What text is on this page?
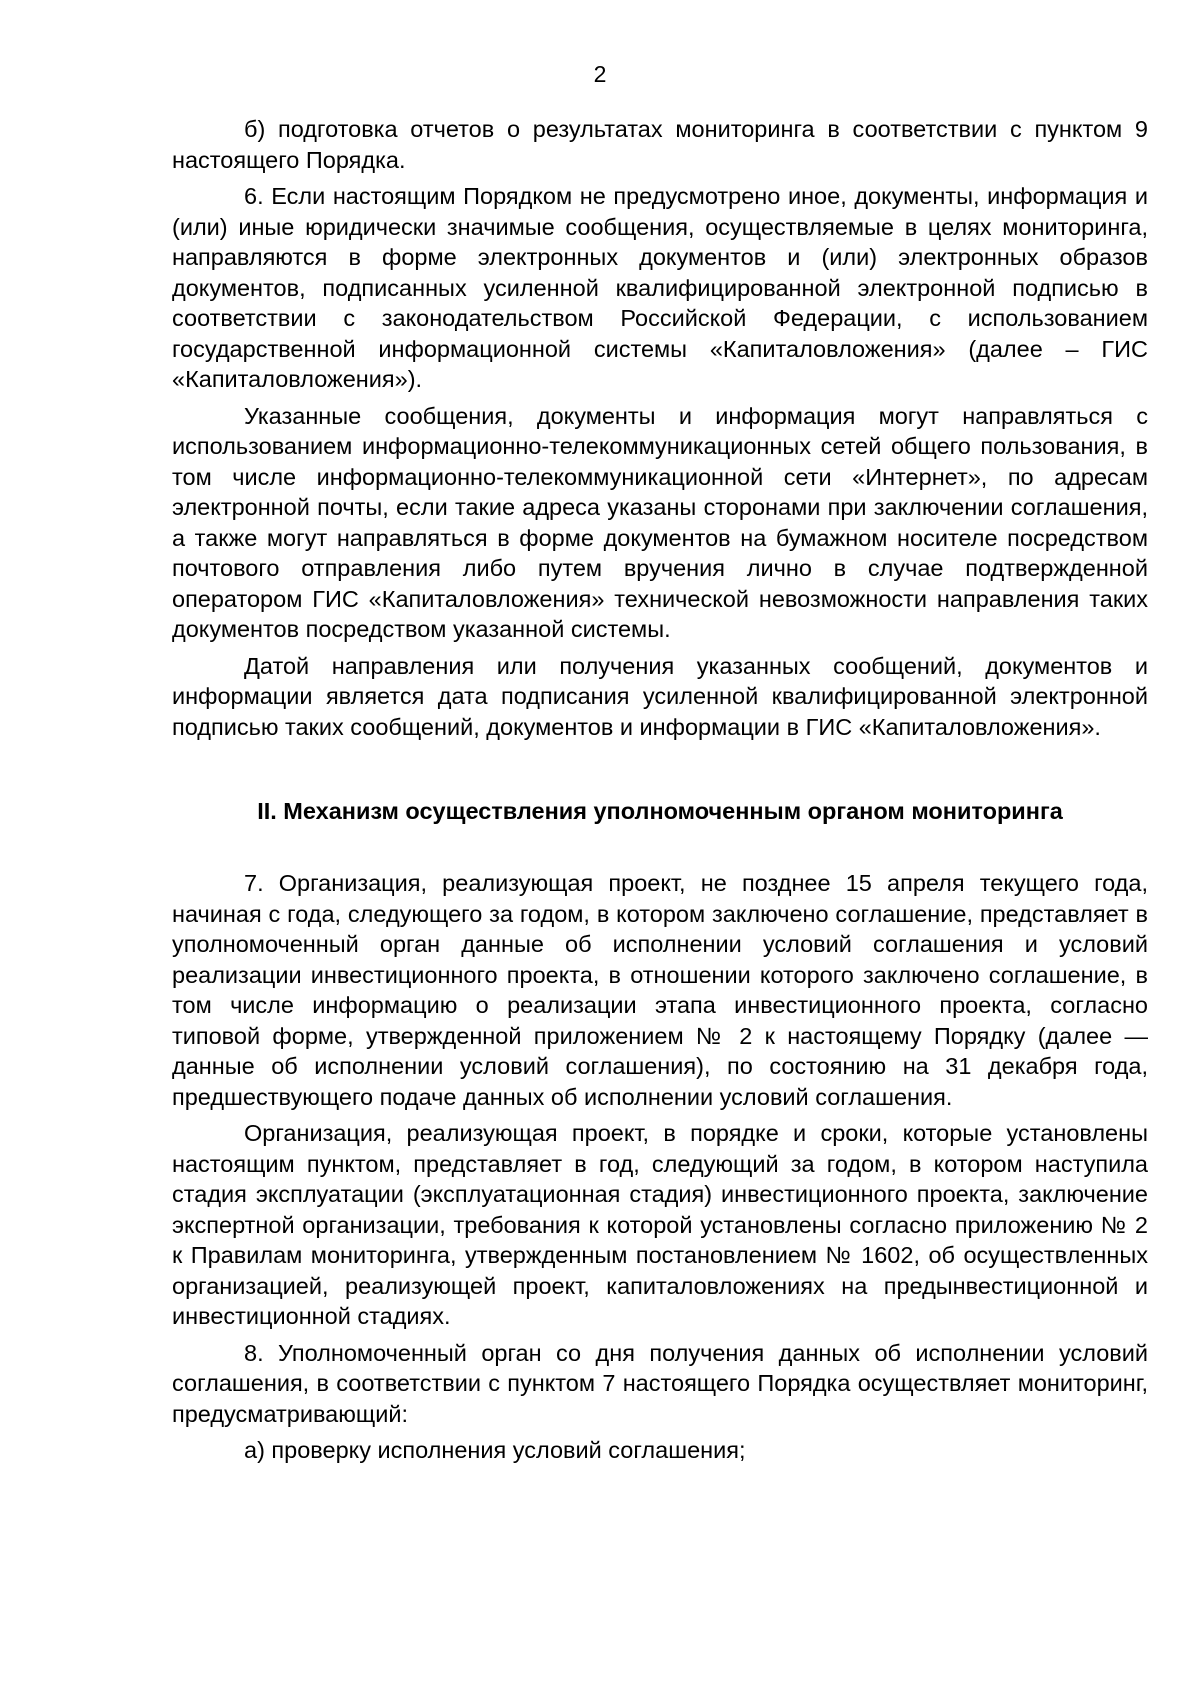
2

б) подготовка отчетов о результатах мониторинга в соответствии с пунктом 9 настоящего Порядка.

6. Если настоящим Порядком не предусмотрено иное, документы, информация и (или) иные юридически значимые сообщения, осуществляемые в целях мониторинга, направляются в форме электронных документов и (или) электронных образов документов, подписанных усиленной квалифицированной электронной подписью в соответствии с законодательством Российской Федерации, с использованием государственной информационной системы «Капиталовложения» (далее – ГИС «Капиталовложения»).

Указанные сообщения, документы и информация могут направляться с использованием информационно-телекоммуникационных сетей общего пользования, в том числе информационно-телекоммуникационной сети «Интернет», по адресам электронной почты, если такие адреса указаны сторонами при заключении соглашения, а также могут направляться в форме документов на бумажном носителе посредством почтового отправления либо путем вручения лично в случае подтвержденной оператором ГИС «Капиталовложения» технической невозможности направления таких документов посредством указанной системы.

Датой направления или получения указанных сообщений, документов и информации является дата подписания усиленной квалифицированной электронной подписью таких сообщений, документов и информации в ГИС «Капиталовложения».

II. Механизм осуществления уполномоченным органом мониторинга

7. Организация, реализующая проект, не позднее 15 апреля текущего года, начиная с года, следующего за годом, в котором заключено соглашение, представляет в уполномоченный орган данные об исполнении условий соглашения и условий реализации инвестиционного проекта, в отношении которого заключено соглашение, в том числе информацию о реализации этапа инвестиционного проекта, согласно типовой форме, утвержденной приложением № 2 к настоящему Порядку (далее — данные об исполнении условий соглашения), по состоянию на 31 декабря года, предшествующего подаче данных об исполнении условий соглашения.

Организация, реализующая проект, в порядке и сроки, которые установлены настоящим пунктом, представляет в год, следующий за годом, в котором наступила стадия эксплуатации (эксплуатационная стадия) инвестиционного проекта, заключение экспертной организации, требования к которой установлены согласно приложению № 2 к Правилам мониторинга, утвержденным постановлением № 1602, об осуществленных организацией, реализующей проект, капиталовложениях на предынвестиционной и инвестиционной стадиях.

8. Уполномоченный орган со дня получения данных об исполнении условий соглашения, в соответствии с пунктом 7 настоящего Порядка осуществляет мониторинг, предусматривающий:

а) проверку исполнения условий соглашения;
